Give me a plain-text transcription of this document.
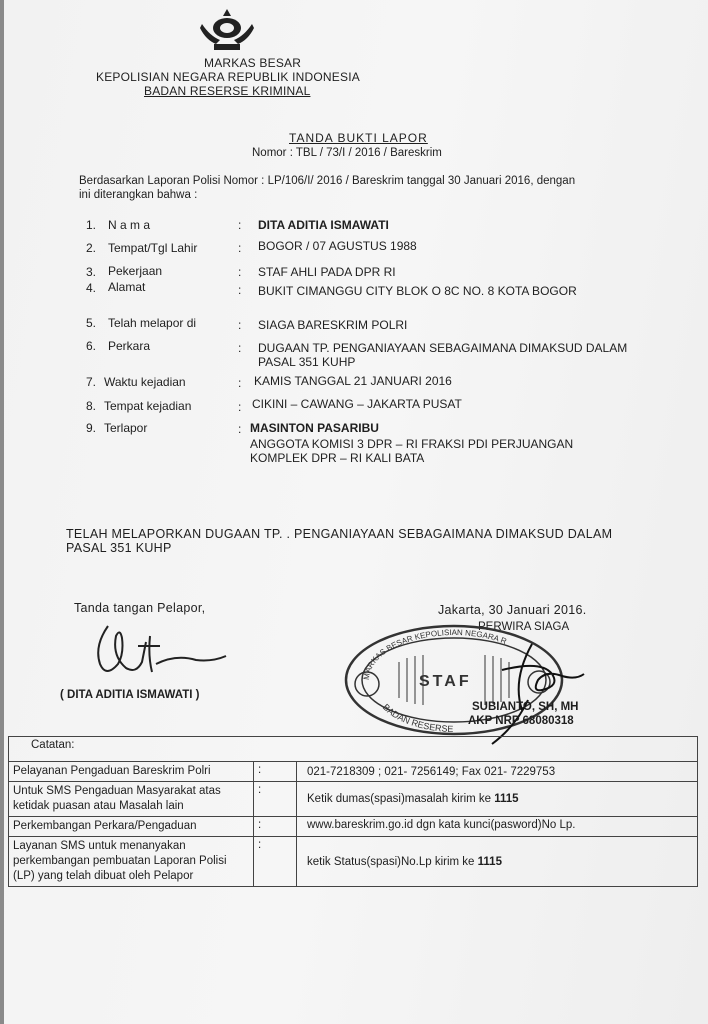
MARKAS BESAR
KEPOLISIAN NEGARA REPUBLIK INDONESIA
BADAN RESERSE KRIMINAL
TANDA BUKTI LAPOR
Nomor : TBL / 73/I / 2016 / Bareskrim
Berdasarkan Laporan Polisi Nomor : LP/106/I/ 2016 / Bareskrim tanggal 30 Januari 2016, dengan
ini diterangkan bahwa :
1. N a m a	: DITA ADITIA ISMAWATI
2. Tempat/Tgl Lahir	: BOGOR / 07 AGUSTUS 1988
3. Pekerjaan	: STAF AHLI PADA DPR RI
4. Alamat	: BUKIT CIMANGGU CITY BLOK O 8C NO. 8 KOTA BOGOR
5. Telah melapor di	: SIAGA BARESKRIM POLRI
6. Perkara	: DUGAAN TP. PENGANIAYAAN SEBAGAIMANA DIMAKSUD DALAM
PASAL 351 KUHP
7. Waktu kejadian	: KAMIS TANGGAL 21 JANUARI 2016
8. Tempat kejadian	: CIKINI – CAWANG – JAKARTA PUSAT
9. Terlapor	: MASINTON PASARIBU
ANGGOTA KOMISI 3 DPR – RI FRAKSI PDI PERJUANGAN
KOMPLEK DPR – RI KALI BATA
TELAH MELAPORKAN DUGAAN TP. . PENGANIAYAAN SEBAGAIMANA DIMAKSUD DALAM
PASAL 351 KUHP
Tanda tangan Pelapor,
( DITA ADITIA ISMAWATI )
Jakarta, 30 Januari 2016.
PERWIRA SIAGA
MARKAS BESAR KEPOLISIAN NEGARA R
STAF
BADAN RESERSE
SUBIANTO, SH, MH
AKP NRP 68080318
Catatan:		
Pelayanan Pengaduan Bareskrim Polri	:	021-7218309 ; 021- 7256149; Fax 021- 7229753
Untuk SMS Pengaduan Masyarakat atas ketidak puasan atau Masalah lain	:	Ketik dumas(spasi)masalah kirim ke 1115
Perkembangan Perkara/Pengaduan	:	www.bareskrim.go.id dgn kata kunci(pasword)No Lp.
Layanan SMS untuk menanyakan perkembangan pembuatan Laporan Polisi (LP) yang telah dibuat oleh Pelapor	:	ketik Status(spasi)No.Lp kirim ke 1115
